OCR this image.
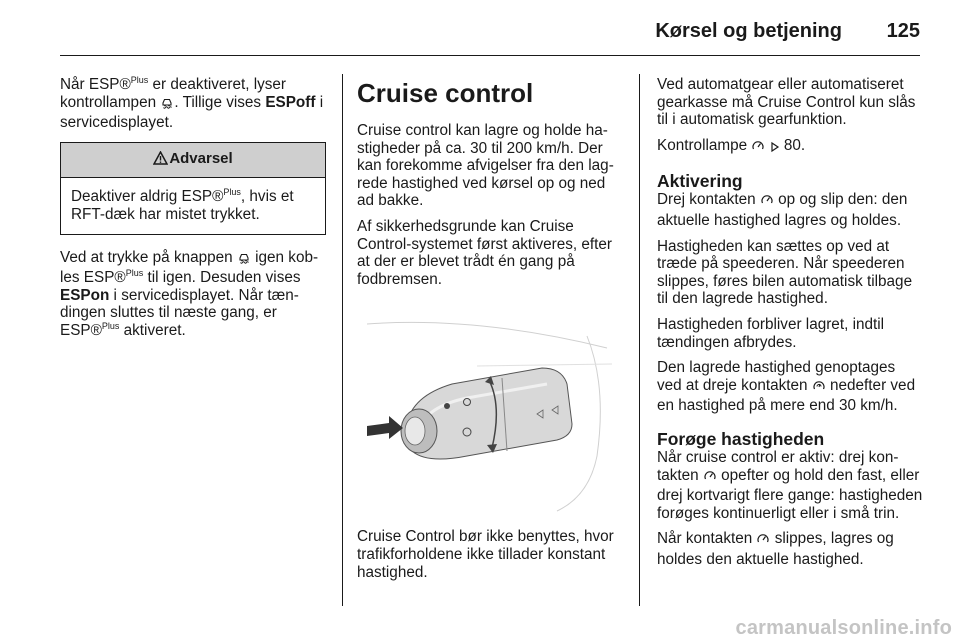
Kørsel og betjening 125

Når ESP®$^{Plus}$ er deaktiveret, lyser kontrollampen . Tillige vises ESPoff i servicedisplayet.

Advarsel
Deaktiver aldrig ESP®$^{Plus}$, hvis et RFT-dæk har mistet trykket.

Ved at trykke på knappen  igen kobles ESP®$^{Plus}$ til igen. Desuden vises ESPon i servicedisplayet. Når tændingen sluttes til næste gang, er ESP®$^{Plus}$ aktiveret.

Cruise control

Cruise control kan lagre og holde hastigheder på ca. 30 til 200 km/h. Der kan forekomme afvigelser fra den lagrede hastighed ved kørsel op og ned ad bakke.

Af sikkerhedsgrunde kan Cruise Control-systemet først aktiveres, efter at der er blevet trådt én gang på fodbremsen.

Cruise Control bør ikke benyttes, hvor trafikforholdene ikke tillader konstant hastighed.

Ved automatgear eller automatiseret gearkasse må Cruise Control kun slås til i automatisk gearfunktion.

Kontrollampe   80.

Aktivering

Drej kontakten  op og slip den: den aktuelle hastighed lagres og holdes.

Hastigheden kan sættes op ved at træde på speederen. Når speederen slippes, føres bilen automatisk tilbage til den lagrede hastighed.

Hastigheden forbliver lagret, indtil tændingen afbrydes.

Den lagrede hastighed genoptages ved at dreje kontakten  nedefter ved en hastighed på mere end 30 km/h.

Forøge hastigheden

Når cruise control er aktiv: drej kontakten  opefter og hold den fast, eller drej kortvarigt flere gange: hastigheden forøges kontinuerligt eller i små trin.

Når kontakten  slippes, lagres og holdes den aktuelle hastighed.

carmanualsonline.info
